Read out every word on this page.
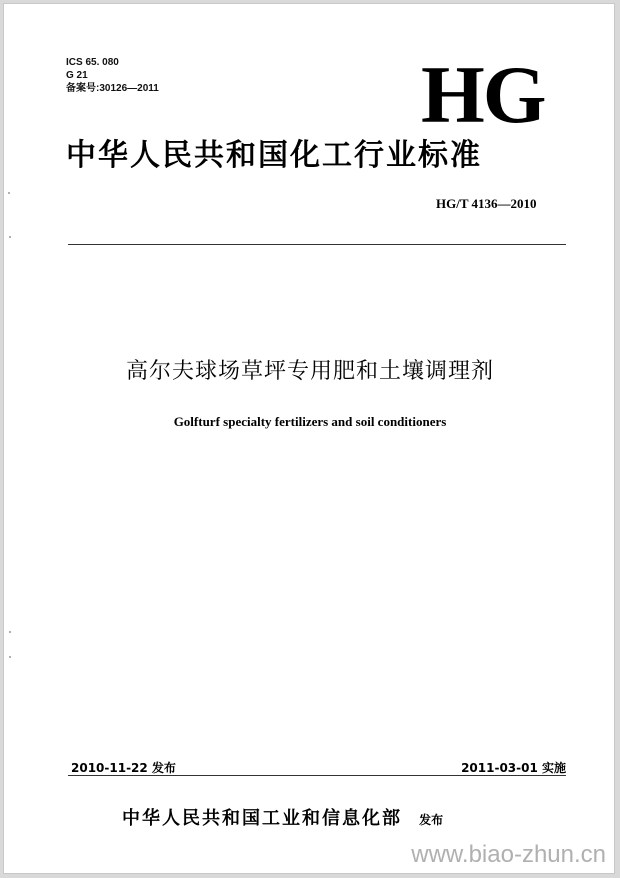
ICS 65. 080
G 21
备案号:30126—2011	HG
中华人民共和国化工行业标准
HG/T 4136—2010
高尔夫球场草坪专用肥和土壤调理剂
Golfturf specialty fertilizers and soil conditioners
2010-11-22 发布	2011-03-01 实施
中华人民共和国工业和信息化部 发布
www.biao-zhun.cn
